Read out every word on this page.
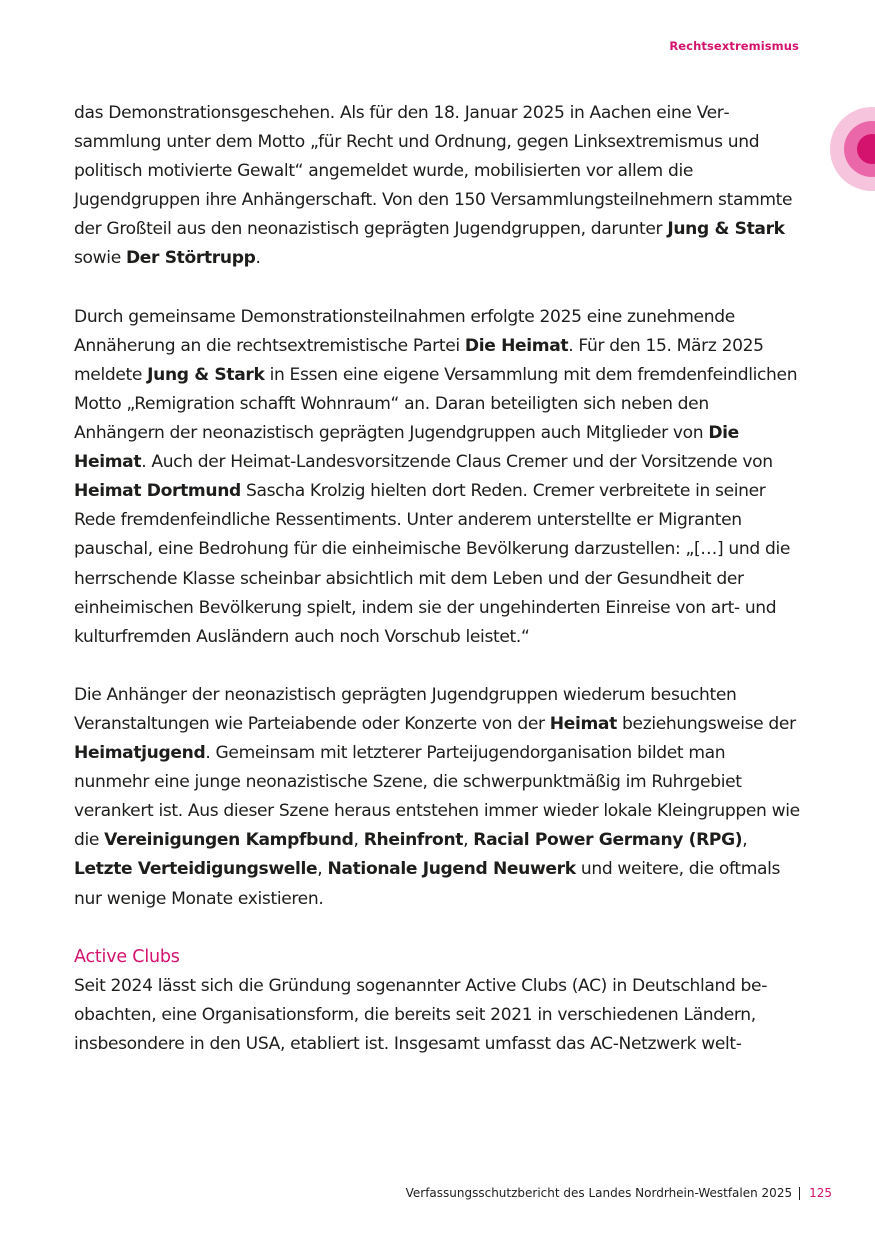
Rechtsextremismus

das Demonstrationsgeschehen. Als für den 18. Januar 2025 in Aachen eine Versammlung unter dem Motto „für Recht und Ordnung, gegen Linksextremismus und politisch motivierte Gewalt“ angemeldet wurde, mobilisierten vor allem die Jugendgruppen ihre Anhängerschaft. Von den 150 Versammlungsteilnehmern stammte der Großteil aus den neonazistisch geprägten Jugendgruppen, darunter Jung & Stark sowie Der Störtrupp.

Durch gemeinsame Demonstrationsteilnahmen erfolgte 2025 eine zunehmende Annäherung an die rechtsextremistische Partei Die Heimat. Für den 15. März 2025 meldete Jung & Stark in Essen eine eigene Versammlung mit dem fremdenfeindlichen Motto „Remigration schafft Wohnraum“ an. Daran beteiligten sich neben den Anhängern der neonazistisch geprägten Jugendgruppen auch Mitglieder von Die Heimat. Auch der Heimat-Landesvorsitzende Claus Cremer und der Vorsitzende von Heimat Dortmund Sascha Krolzig hielten dort Reden. Cremer verbreitete in seiner Rede fremdenfeindliche Ressentiments. Unter anderem unterstellte er Migranten pauschal, eine Bedrohung für die einheimische Bevölkerung darzustellen: „[…] und die herrschende Klasse scheinbar absichtlich mit dem Leben und der Gesundheit der einheimischen Bevölkerung spielt, indem sie der ungehinderten Einreise von art- und kulturfremden Ausländern auch noch Vorschub leistet.“

Die Anhänger der neonazistisch geprägten Jugendgruppen wiederum besuchten Veranstaltungen wie Parteiabende oder Konzerte von der Heimat beziehungsweise der Heimatjugend. Gemeinsam mit letzterer Parteijugendorganisation bildet man nunmehr eine junge neonazistische Szene, die schwerpunktmäßig im Ruhrgebiet verankert ist. Aus dieser Szene heraus entstehen immer wieder lokale Kleingruppen wie die Vereinigungen Kampfbund, Rheinfront, Racial Power Germany (RPG), Letzte Verteidigungswelle, Nationale Jugend Neuwerk und weitere, die oftmals nur wenige Monate existieren.

Active Clubs

Seit 2024 lässt sich die Gründung sogenannter Active Clubs (AC) in Deutschland beobachten, eine Organisationsform, die bereits seit 2021 in verschiedenen Ländern, insbesondere in den USA, etabliert ist. Insgesamt umfasst das AC-Netzwerk welt-

Verfassungsschutzbericht des Landes Nordrhein-Westfalen 2025 125
